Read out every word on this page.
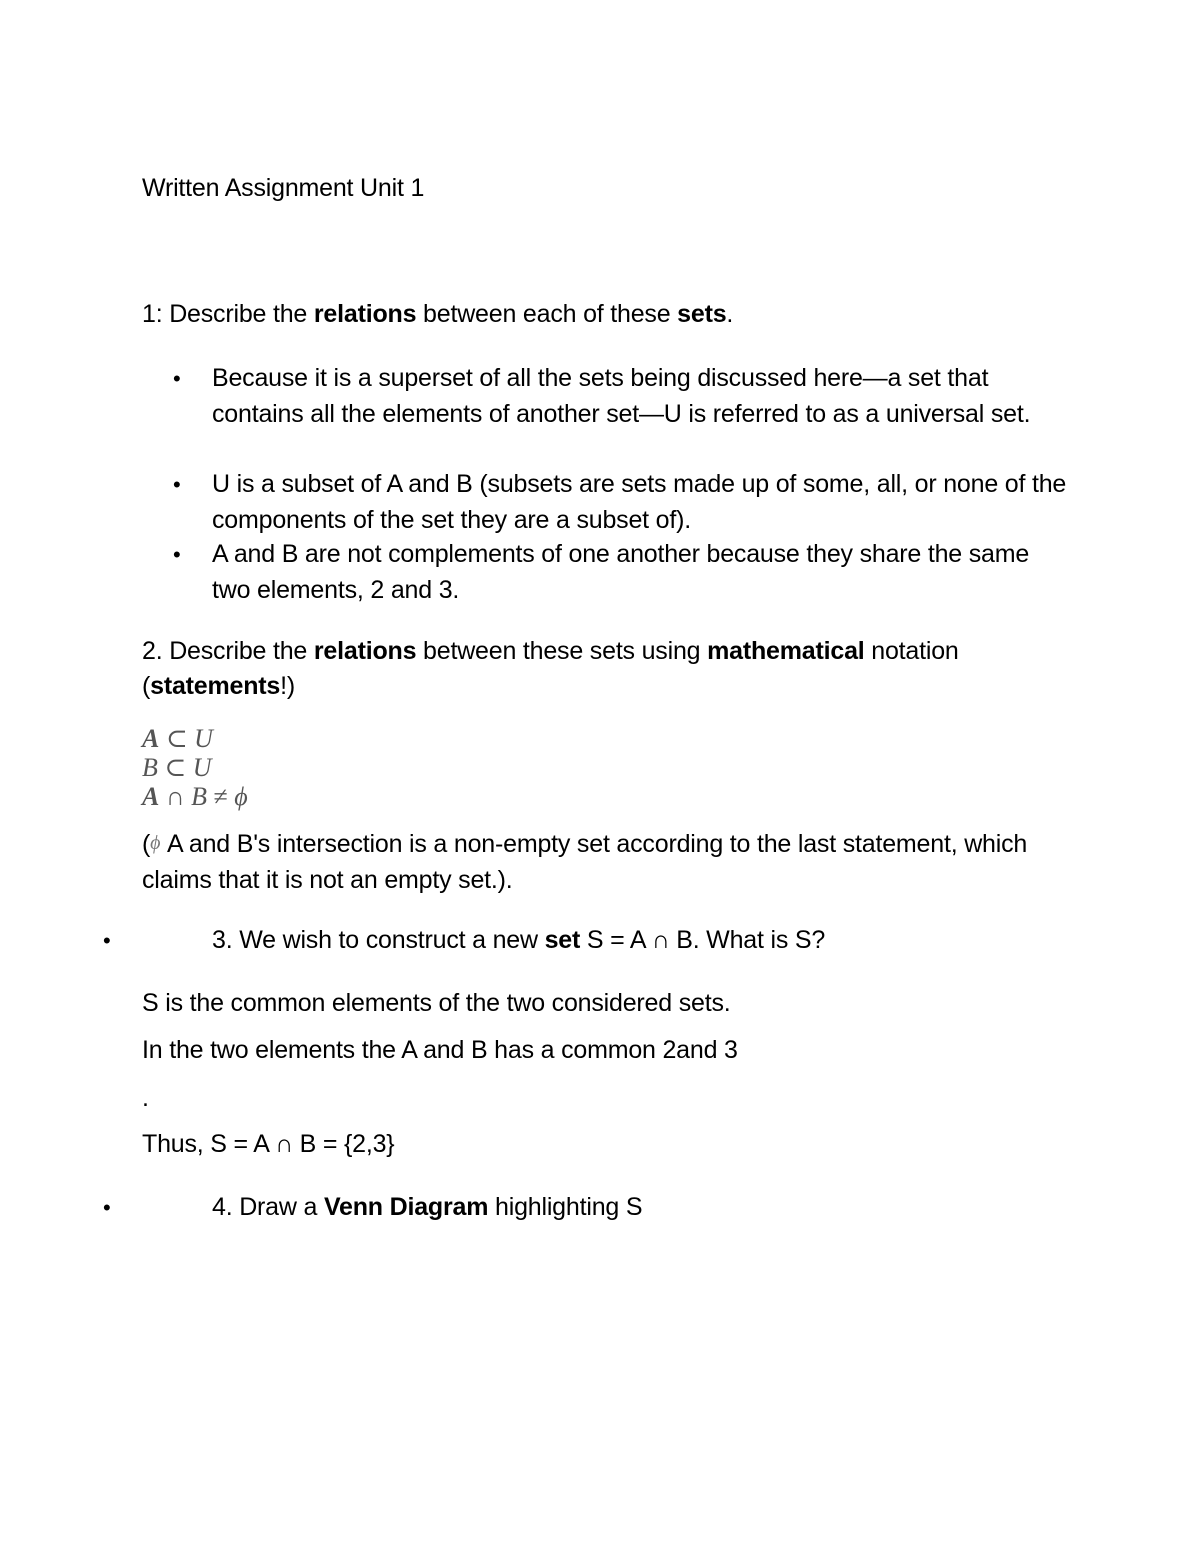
Written Assignment Unit 1
1: Describe the relations between each of these sets.
• Because it is a superset of all the sets being discussed here—a set that contains all the elements of another set—U is referred to as a universal set.
• U is a subset of A and B (subsets are sets made up of some, all, or none of the components of the set they are a subset of).
• A and B are not complements of one another because they share the same two elements, 2 and 3.
2. Describe the relations between these sets using mathematical notation
(statements!)
A ⊂ U
B ⊂ U
A ∩ B ≠ ϕ
(ϕ A and B's intersection is a non-empty set according to the last statement, which claims that it is not an empty set.).
•	3. We wish to construct a new set S = A ∩ B. What is S?
S is the common elements of the two considered sets.
In the two elements the A and B has a common 2and 3
.
Thus, S = A ∩ B = {2,3}
•	4. Draw a Venn Diagram highlighting S
